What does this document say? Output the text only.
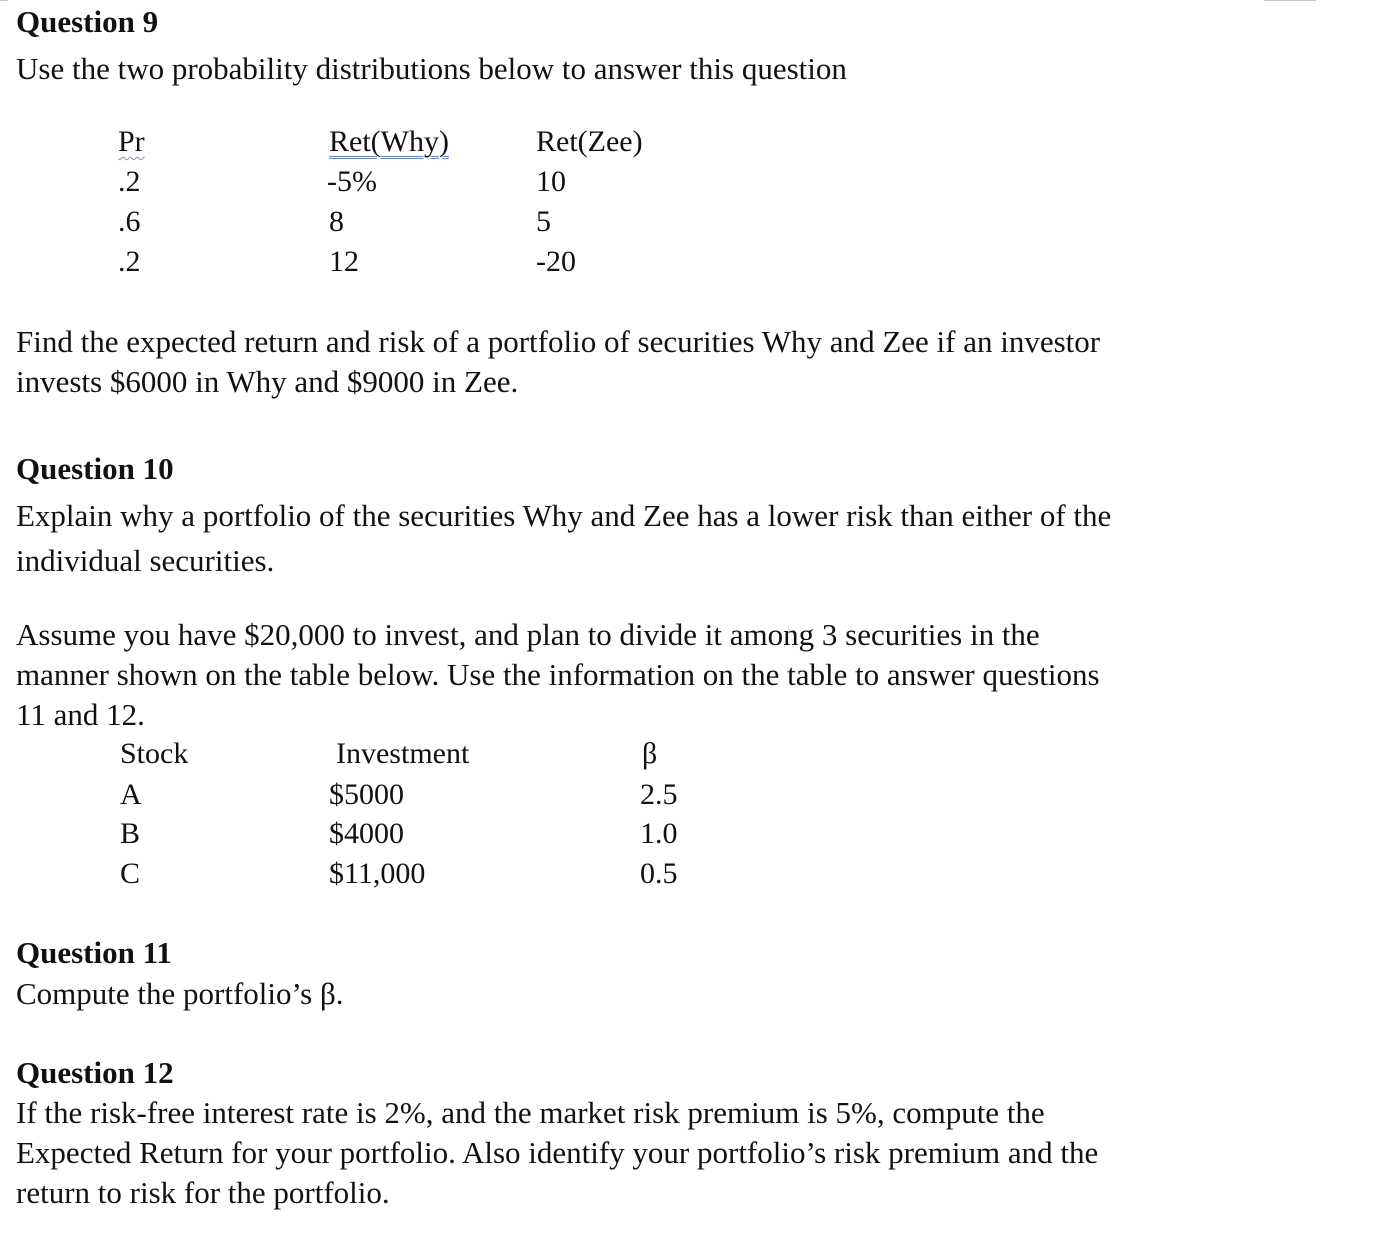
Question 9
Use the two probability distributions below to answer this question
Pr	Ret(Why)	Ret(Zee)
.2	-5%	10
.6	8	5
.2	12	-20
Find the expected return and risk of a portfolio of securities Why and Zee if an investor
invests $6000 in Why and $9000 in Zee.
Question 10
Explain why a portfolio of the securities Why and Zee has a lower risk than either of the
individual securities.
Assume you have $20,000 to invest, and plan to divide it among 3 securities in the
manner shown on the table below. Use the information on the table to answer questions
11 and 12.
Stock	Investment	β
A	$5000	2.5
B	$4000	1.0
C	$11,000	0.5
Question 11
Compute the portfolio’s β.
Question 12
If the risk-free interest rate is 2%, and the market risk premium is 5%, compute the
Expected Return for your portfolio. Also identify your portfolio’s risk premium and the
return to risk for the portfolio.
